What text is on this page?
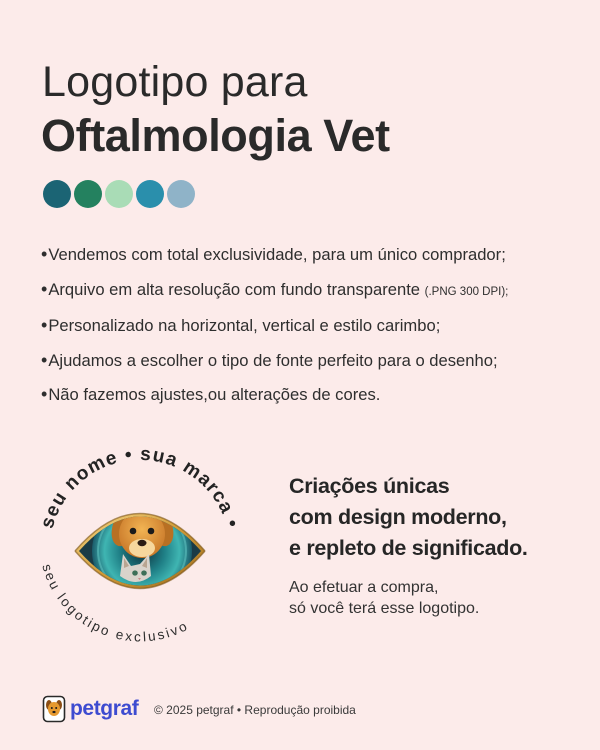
Logotipo para
Oftalmologia Vet
•Vendemos com total exclusividade, para um único comprador;
•Arquivo em alta resolução com fundo transparente (.PNG 300 DPI);
•Personalizado na horizontal, vertical e estilo carimbo;
•Ajudamos a escolher o tipo de fonte perfeito para o desenho;
•Não fazemos ajustes,ou alterações de cores.
seu nome • sua marca •
seu logotipo exclusivo
Criações únicas
com design moderno,
e repleto de significado.
Ao efetuar a compra,
só você terá esse logotipo.
petgraf © 2025 petgraf • Reprodução proibida
